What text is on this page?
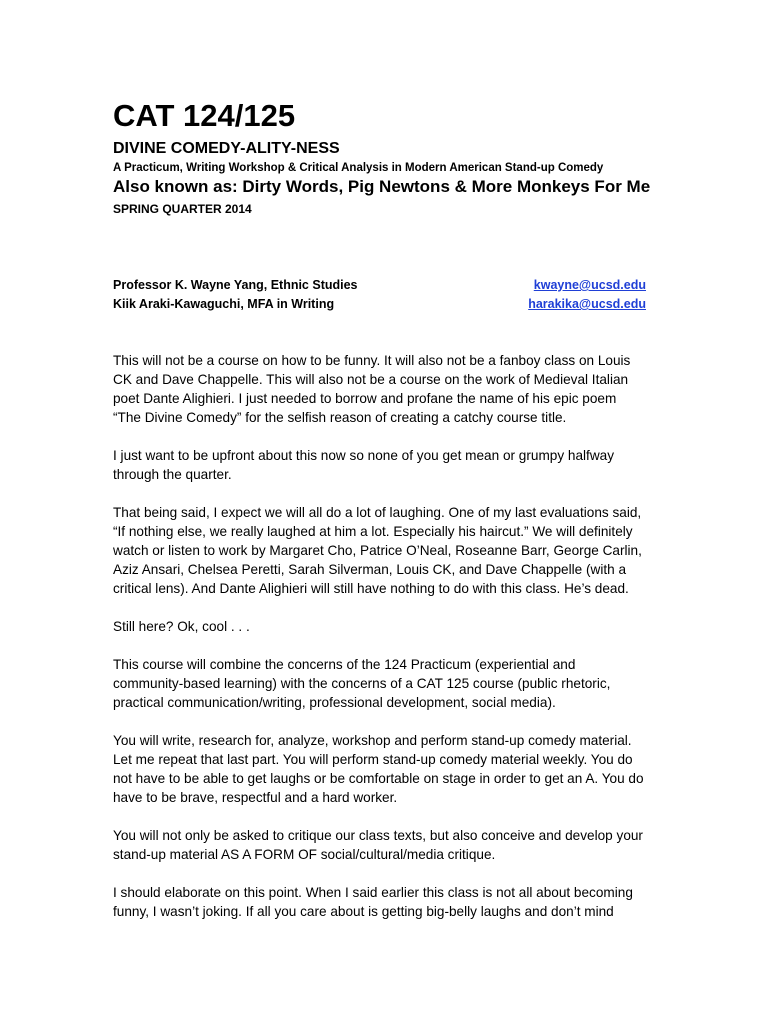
CAT 124/125
DIVINE COMEDY-ALITY-NESS
A Practicum, Writing Workshop & Critical Analysis in Modern American Stand-up Comedy
Also known as: Dirty Words, Pig Newtons & More Monkeys For Me
SPRING QUARTER 2014
Professor K. Wayne Yang, Ethnic Studies	kwayne@ucsd.edu
Kiik Araki-Kawaguchi, MFA in Writing	harakika@ucsd.edu

This will not be a course on how to be funny. It will also not be a fanboy class on Louis
CK and Dave Chappelle. This will also not be a course on the work of Medieval Italian
poet Dante Alighieri. I just needed to borrow and profane the name of his epic poem
“The Divine Comedy” for the selfish reason of creating a catchy course title.

I just want to be upfront about this now so none of you get mean or grumpy halfway
through the quarter.

That being said, I expect we will all do a lot of laughing. One of my last evaluations said,
“If nothing else, we really laughed at him a lot. Especially his haircut.” We will definitely
watch or listen to work by Margaret Cho, Patrice O’Neal, Roseanne Barr, George Carlin,
Aziz Ansari, Chelsea Peretti, Sarah Silverman, Louis CK, and Dave Chappelle (with a
critical lens). And Dante Alighieri will still have nothing to do with this class. He’s dead.

Still here? Ok, cool . . .

This course will combine the concerns of the 124 Practicum (experiential and
community-based learning) with the concerns of a CAT 125 course (public rhetoric,
practical communication/writing, professional development, social media).

You will write, research for, analyze, workshop and perform stand-up comedy material.
Let me repeat that last part. You will perform stand-up comedy material weekly. You do
not have to be able to get laughs or be comfortable on stage in order to get an A. You do
have to be brave, respectful and a hard worker.

You will not only be asked to critique our class texts, but also conceive and develop your
stand-up material AS A FORM OF social/cultural/media critique.

I should elaborate on this point. When I said earlier this class is not all about becoming
funny, I wasn’t joking. If all you care about is getting big-belly laughs and don’t mind
